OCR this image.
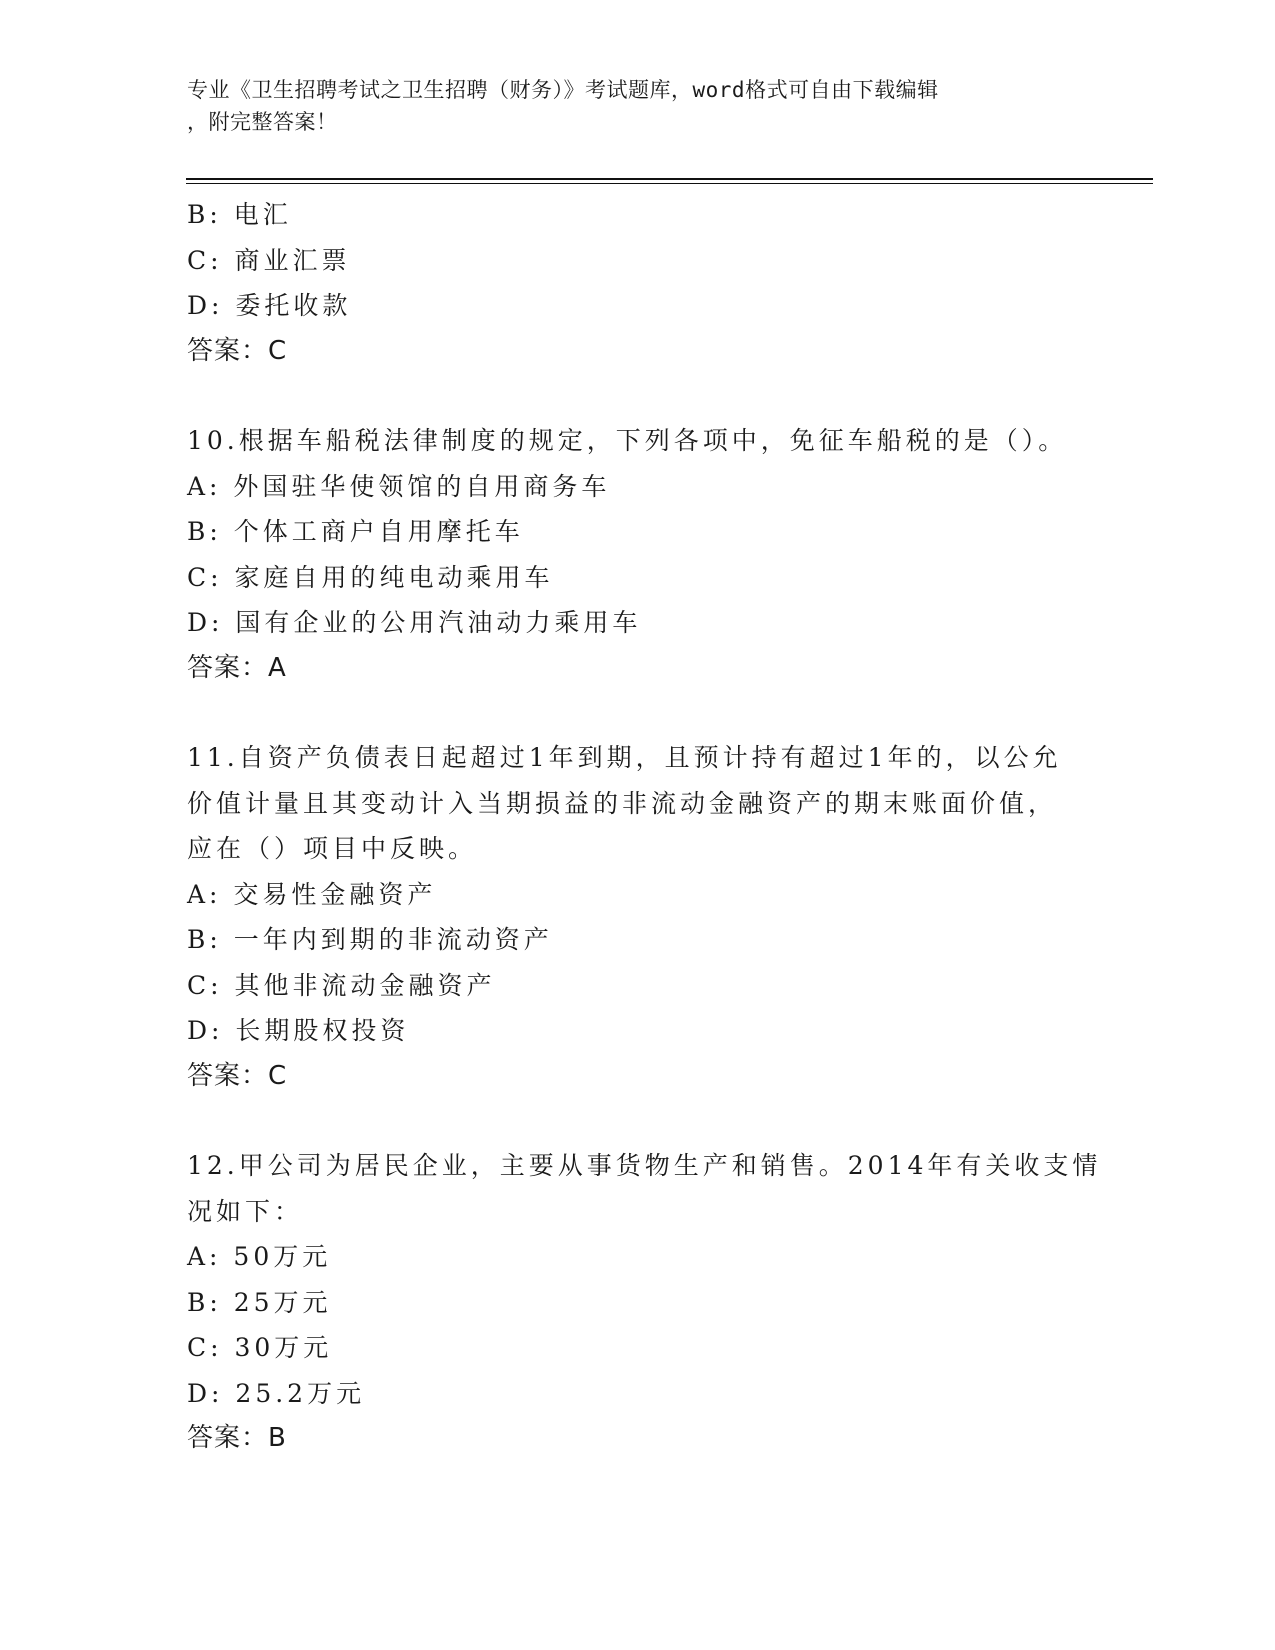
专业《卫生招聘考试之卫生招聘（财务）》考试题库，word格式可自由下载编辑
，附完整答案！

B: 电汇

C: 商业汇票

D: 委托收款

答案：C

10.根据车船税法律制度的规定，下列各项中，免征车船税的是（）。

A: 外国驻华使领馆的自用商务车

B: 个体工商户自用摩托车

C: 家庭自用的纯电动乘用车

D: 国有企业的公用汽油动力乘用车

答案：A

11.自资产负债表日起超过1年到期，且预计持有超过1年的，以公允

价值计量且其变动计入当期损益的非流动金融资产的期末账面价值，

应在（）项目中反映。

A: 交易性金融资产

B: 一年内到期的非流动资产

C: 其他非流动金融资产

D: 长期股权投资

答案：C

12.甲公司为居民企业，主要从事货物生产和销售。2014年有关收支情

况如下：

A: 50万元

B: 25万元

C: 30万元

D: 25.2万元

答案：B
